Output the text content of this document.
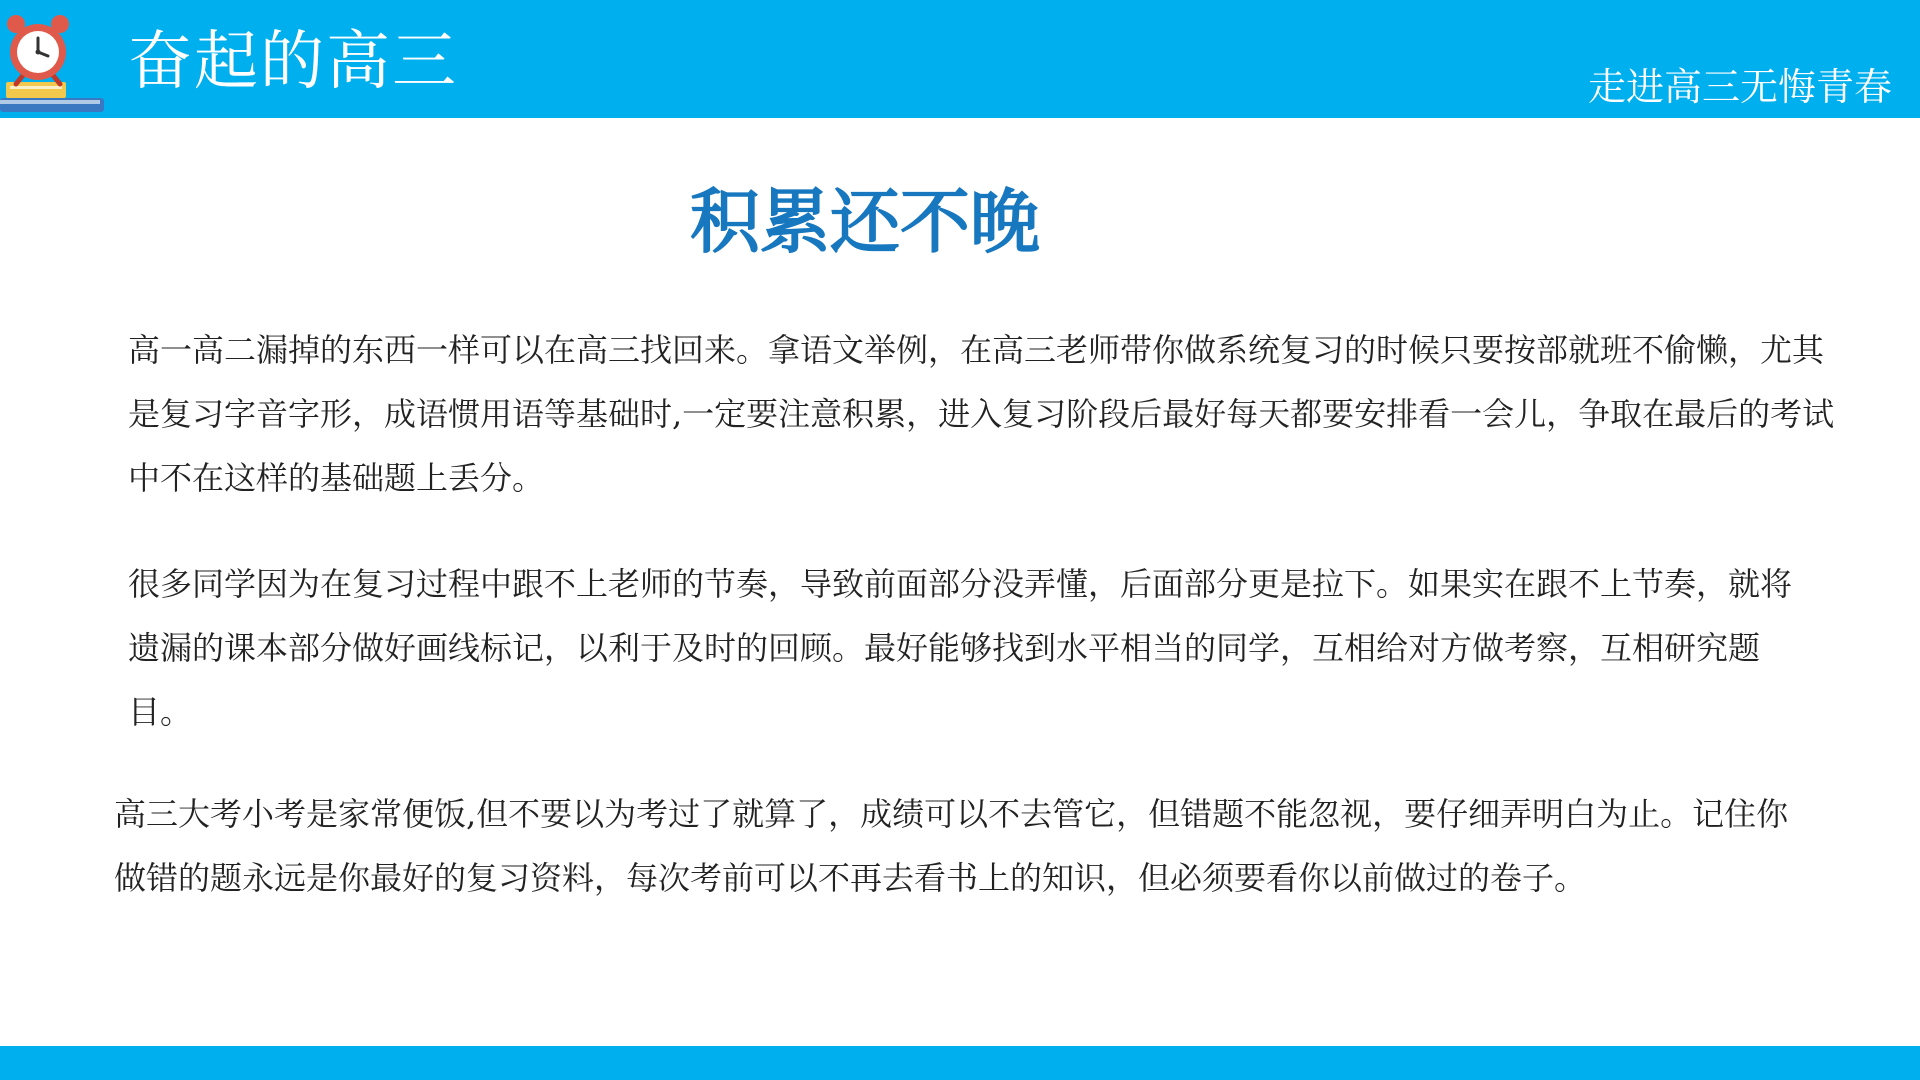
奋起的高三	走进高三无悔青春
积累还不晚

高一高二漏掉的东西一样可以在高三找回来。拿语文举例，在高三老师带你做系统复习的时候只要按部就班不偷懒，尤其是复习字音字形，成语惯用语等基础时,一定要注意积累，进入复习阶段后最好每天都要安排看一会儿，争取在最后的考试中不在这样的基础题上丢分。

很多同学因为在复习过程中跟不上老师的节奏，导致前面部分没弄懂，后面部分更是拉下。如果实在跟不上节奏，就将遗漏的课本部分做好画线标记，以利于及时的回顾。最好能够找到水平相当的同学，互相给对方做考察，互相研究题目。

高三大考小考是家常便饭,但不要以为考过了就算了，成绩可以不去管它，但错题不能忽视，要仔细弄明白为止。记住你做错的题永远是你最好的复习资料，每次考前可以不再去看书上的知识，但必须要看你以前做过的卷子。
